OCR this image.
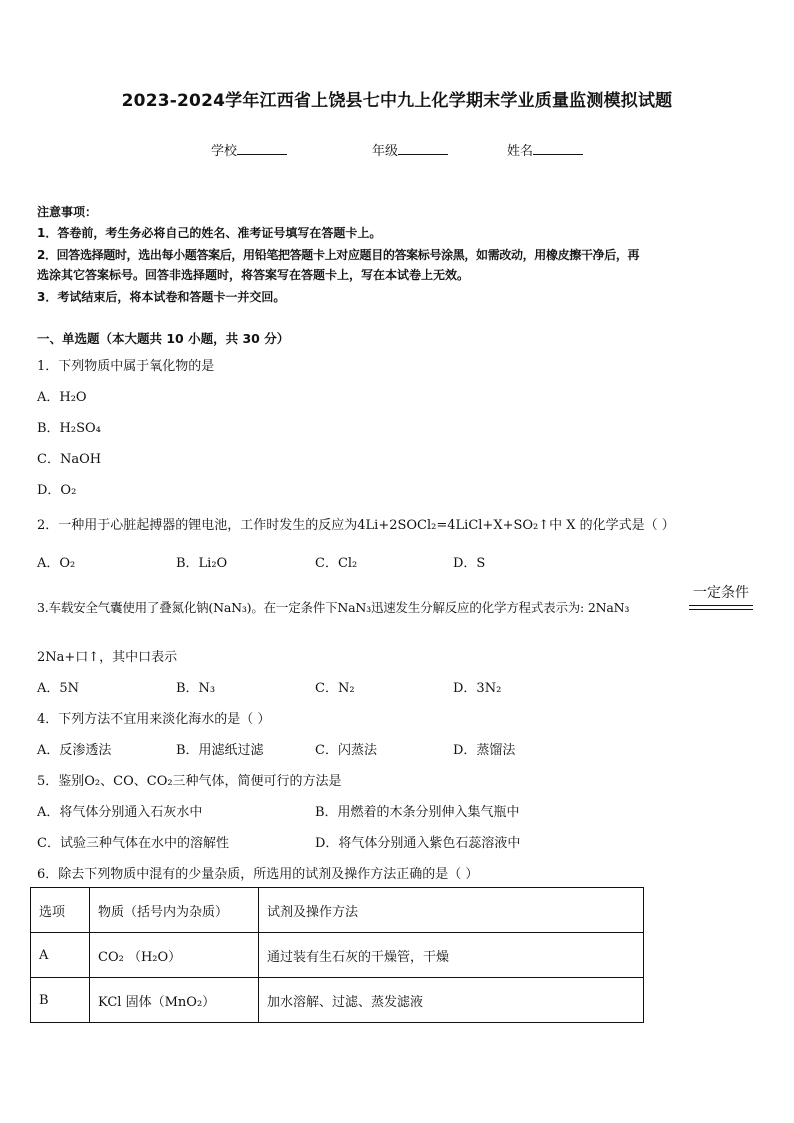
2023-2024学年江西省上饶县七中九上化学期末学业质量监测模拟试题
学校	年级	姓名
注意事项：
1．答卷前，考生务必将自己的姓名、准考证号填写在答题卡上。
2．回答选择题时，选出每小题答案后，用铅笔把答题卡上对应题目的答案标号涂黑，如需改动，用橡皮擦干净后，再
选涂其它答案标号。回答非选择题时，将答案写在答题卡上，写在本试卷上无效。
3．考试结束后，将本试卷和答题卡一并交回。
一、单选题（本大题共 10 小题，共 30 分）
1．下列物质中属于氧化物的是
A．H₂O
B．H₂SO₄
C．NaOH
D．O₂
2．一种用于心脏起搏器的锂电池，工作时发生的反应为4Li+2SOCl₂=4LiCl+X+SO₂↑中 X 的化学式是（ ）
A．O₂	B．Li₂O	C．Cl₂	D．S
3.车载安全气囊使用了叠氮化钠(NaN₃)。在一定条件下NaN₃迅速发生分解反应的化学方程式表示为: 2NaN₃
一定条件
2Na+口↑，其中口表示
A．5N	B．N₃	C．N₂	D．3N₂
4．下列方法不宜用来淡化海水的是（ ）
A．反渗透法	B．用滤纸过滤	C．闪蒸法	D．蒸馏法
5．鉴别O₂、CO、CO₂三种气体，简便可行的方法是
A．将气体分别通入石灰水中	B．用燃着的木条分别伸入集气瓶中
C．试验三种气体在水中的溶解性	D．将气体分别通入紫色石蕊溶液中
6．除去下列物质中混有的少量杂质，所选用的试剂及操作方法正确的是（ ）
选项	物质（括号内为杂质）	试剂及操作方法
A	CO₂ （H₂O）	通过装有生石灰的干燥管，干燥
B	KCl 固体（MnO₂）	加水溶解、过滤、蒸发滤液
